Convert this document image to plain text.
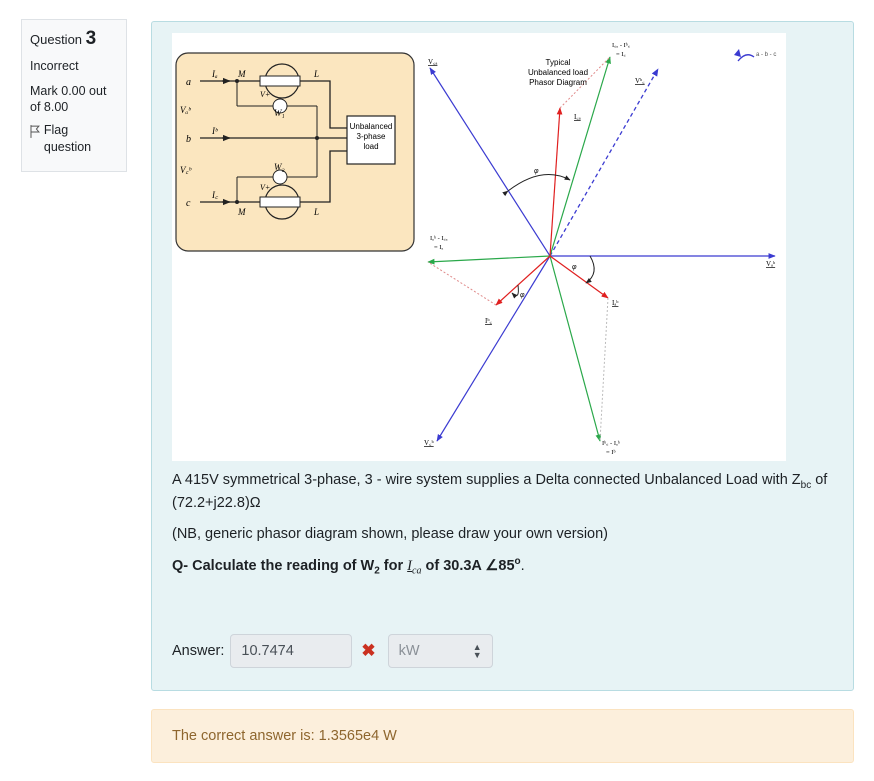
Question 3
Incorrect
Mark 0.00 out of 8.00
Flag question
Unbalanced
3-phase
load
a
b
c
Iₐ
Iᵇ
I꜀
Vₐᵇ
V꜀ᵇ
M	L
M	L
V+
V+
W₁
W₂
a - b - c
Typical
Unbalanced load
Phasor Diagram
V꜀ₐ
Vᵇ꜀
Vₐᵇ
V꜀ᵇ
I꜀ₐ
Iₐᵇ
Iᵇ꜀
I꜀ₐ - Iᵇ꜀
= I꜀
Iₐᵇ - I꜀ₐ
= Iₐ
Iᵇ꜀ - Iₐᵇ
= Iᵇ
φ
φ
φ

A 415V symmetrical 3-phase, 3 - wire system supplies a Delta connected Unbalanced Load with $Z_{bc}$ of (72.2+j22.8)Ω

(NB, generic phasor diagram shown, please draw your own version)

Q- Calculate the reading of $W_2$ for $I_{ca}$ of 30.3A ∠85$^o$.

Answer:	10.7474	✖ kW	▲
▼
The correct answer is: 1.3565e4 W
